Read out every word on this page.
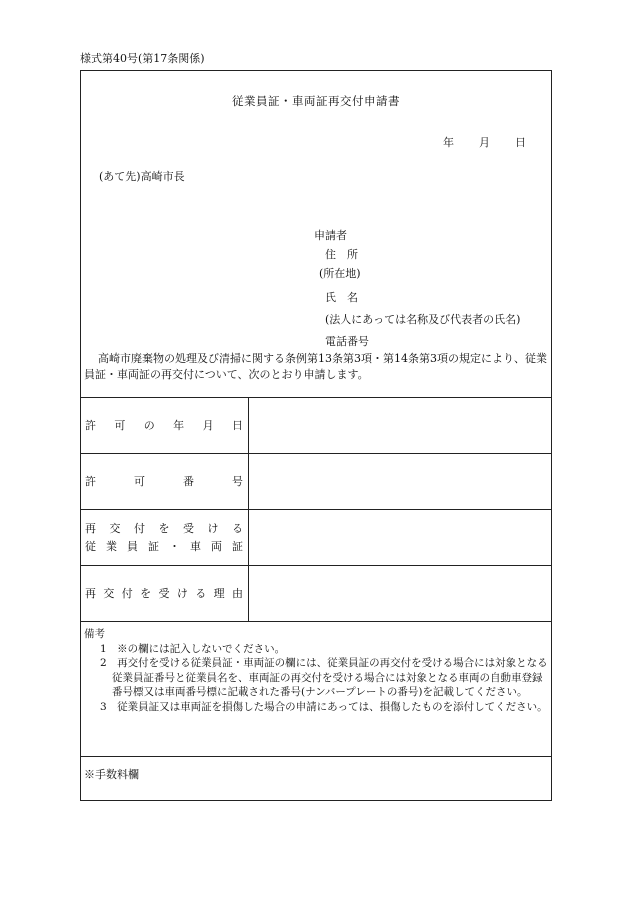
様式第40号(第17条関係)
従業員証・車両証再交付申請書
年 月 日
(あて先)高崎市長
申請者
住　所
(所在地)
氏　名
(法人にあっては名称及び代表者の氏名)
電話番号
高崎市廃棄物の処理及び清掃に関する条例第13条第3項・第14条第3項の規定により、従業員証・車両証の再交付について、次のとおり申請します。
許 可 の 年 月 日
許	可	番	号
再 交 付 を 受 け る
従 業 員 証 ・ 車 両 証
再 交 付 を 受 け る 理 由
備考
1　※の欄には記入しないでください。
2　再交付を受ける従業員証・車両証の欄には、従業員証の再交付を受ける場合には対象となる従業員証番号と従業員名を、車両証の再交付を受ける場合には対象となる車両の自動車登録番号標又は車両番号標に記載された番号(ナンバープレートの番号)を記載してください。
3　従業員証又は車両証を損傷した場合の申請にあっては、損傷したものを添付してください。
※手数料欄
